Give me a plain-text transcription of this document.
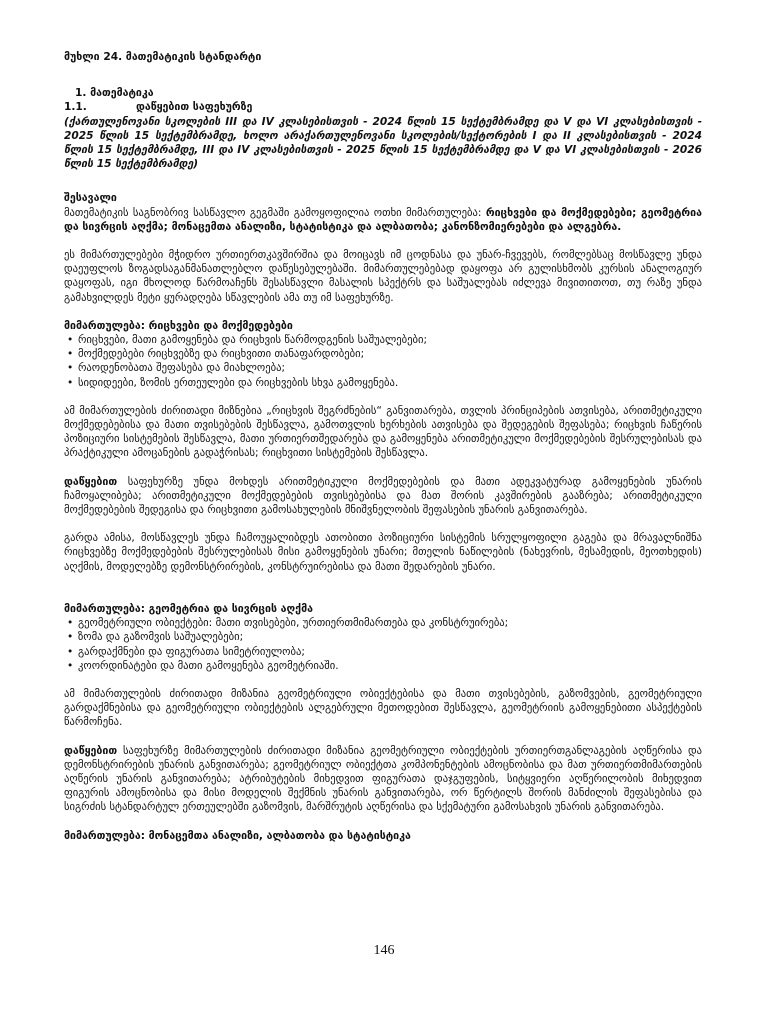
მუხლი 24. მათემატიკის სტანდარტი

1. მათემატიკა

1.1.	დაწყებით საფეხურზე

(ქართულენოვანი სკოლების III და IV კლასებისთვის - 2024 წლის 15 სექტემბრამდე და V და VI კლასებისთვის - 2025 წლის 15 სექტემბრამდე, ხოლო არაქართულენოვანი სკოლების/სექტორების I და II კლასებისთვის - 2024 წლის 15 სექტემბრამდე, III და IV კლასებისთვის - 2025 წლის 15 სექტემბრამდე და V და VI კლასებისთვის - 2026 წლის 15 სექტემბრამდე)

შესავალი

მათემატიკის საგნობრივ სასწავლო გეგმაში გამოყოფილია ოთხი მიმართულება: რიცხვები და მოქმედებები; გეომეტრია და სივრცის აღქმა; მონაცემთა ანალიზი, სტატისტიკა და ალბათობა; კანონზომიერებები და ალგებრა.

ეს მიმართულებები მჭიდრო ურთიერთკავშირშია და მოიცავს იმ ცოდნასა და უნარ-ჩვევებს, რომლებსაც მოსწავლე უნდა დაეუფლოს ზოგადსაგანმანათლებლო დაწესებულებაში. მიმართულებებად დაყოფა არ გულისხმობს კურსის ანალოგიურ დაყოფას, იგი მხოლოდ წარმოაჩენს შესასწავლი მასალის სპექტრს და საშუალებას იძლევა მივითითოთ, თუ რაზე უნდა გამახვილდეს მეტი ყურადღება სწავლების ამა თუ იმ საფეხურზე.

მიმართულება: რიცხვები და მოქმედებები

• რიცხვები, მათი გამოყენება და რიცხვის წარმოდგენის საშუალებები;
• მოქმედებები რიცხვებზე და რიცხვითი თანაფარდობები;
• რაოდენობათა შეფასება და მიახლოება;
• სიდიდეები, ზომის ერთეულები და რიცხვების სხვა გამოყენება.

ამ მიმართულების ძირითადი მიზნებია „რიცხვის შეგრძნების“ განვითარება, თვლის პრინციპების ათვისება, არითმეტიკული მოქმედებებისა და მათი თვისებების შესწავლა, გამოთვლის ხერხების ათვისება და შედეგების შეფასება; რიცხვის ჩაწერის პოზიციური სისტემების შესწავლა, მათი ურთიერთშედარება და გამოყენება არითმეტიკული მოქმედებების შესრულებისას და პრაქტიკული ამოცანების გადაჭრისას; რიცხვითი სისტემების შესწავლა.

დაწყებით საფეხურზე უნდა მოხდეს არითმეტიკული მოქმედებების და მათი ადეკვატურად გამოყენების უნარის ჩამოყალიბება; არითმეტიკული მოქმედებების თვისებებისა და მათ შორის კავშირების გააზრება; არითმეტიკული მოქმედებების შედეგისა და რიცხვითი გამოსახულების მნიშვნელობის შეფასების უნარის განვითარება.

გარდა ამისა, მოსწავლეს უნდა ჩამოუყალიბდეს ათობითი პოზიციური სისტემის სრულყოფილი გაგება და მრავალნიშნა რიცხვებზე მოქმედებების შესრულებისას მისი გამოყენების უნარი; მთელის ნაწილების (ნახევრის, მესამედის, მეოთხედის) აღქმის, მოდელებზე დემონსტრირების, კონსტრუირებისა და მათი შედარების უნარი.

მიმართულება: გეომეტრია და სივრცის აღქმა

• გეომეტრიული ობიექტები: მათი თვისებები, ურთიერთმიმართება და კონსტრუირება;
• ზომა და გაზომვის საშუალებები;
• გარდაქმნები და ფიგურათა სიმეტრიულობა;
• კოორდინატები და მათი გამოყენება გეომეტრიაში.

ამ მიმართულების ძირითადი მიზანია გეომეტრიული ობიექტებისა და მათი თვისებების, გაზომვების, გეომეტრიული გარდაქმნებისა და გეომეტრიული ობიექტების ალგებრული მეთოდებით შესწავლა, გეომეტრიის გამოყენებითი ასპექტების წარმოჩენა.

დაწყებით საფეხურზე მიმართულების ძირითადი მიზანია გეომეტრიული ობიექტების ურთიერთგანლაგების აღწერისა და დემონსტრირების უნარის განვითარება; გეომეტრიულ ობიექტთა კომპონენტების ამოცნობისა და მათ ურთიერთმიმართების აღწერის უნარის განვითარება; ატრიბუტების მიხედვით ფიგურათა დაჯგუფების, სიტყვიერი აღწერილობის მიხედვით ფიგურის ამოცნობისა და მისი მოდელის შექმნის უნარის განვითარება, ორ წერტილს შორის მანძილის შეფასებისა და სიგრძის სტანდარტულ ერთეულებში გაზომვის, მარშრუტის აღწერისა და სქემატური გამოსახვის უნარის განვითარება.

მიმართულება: მონაცემთა ანალიზი, ალბათობა და სტატისტიკა

146
